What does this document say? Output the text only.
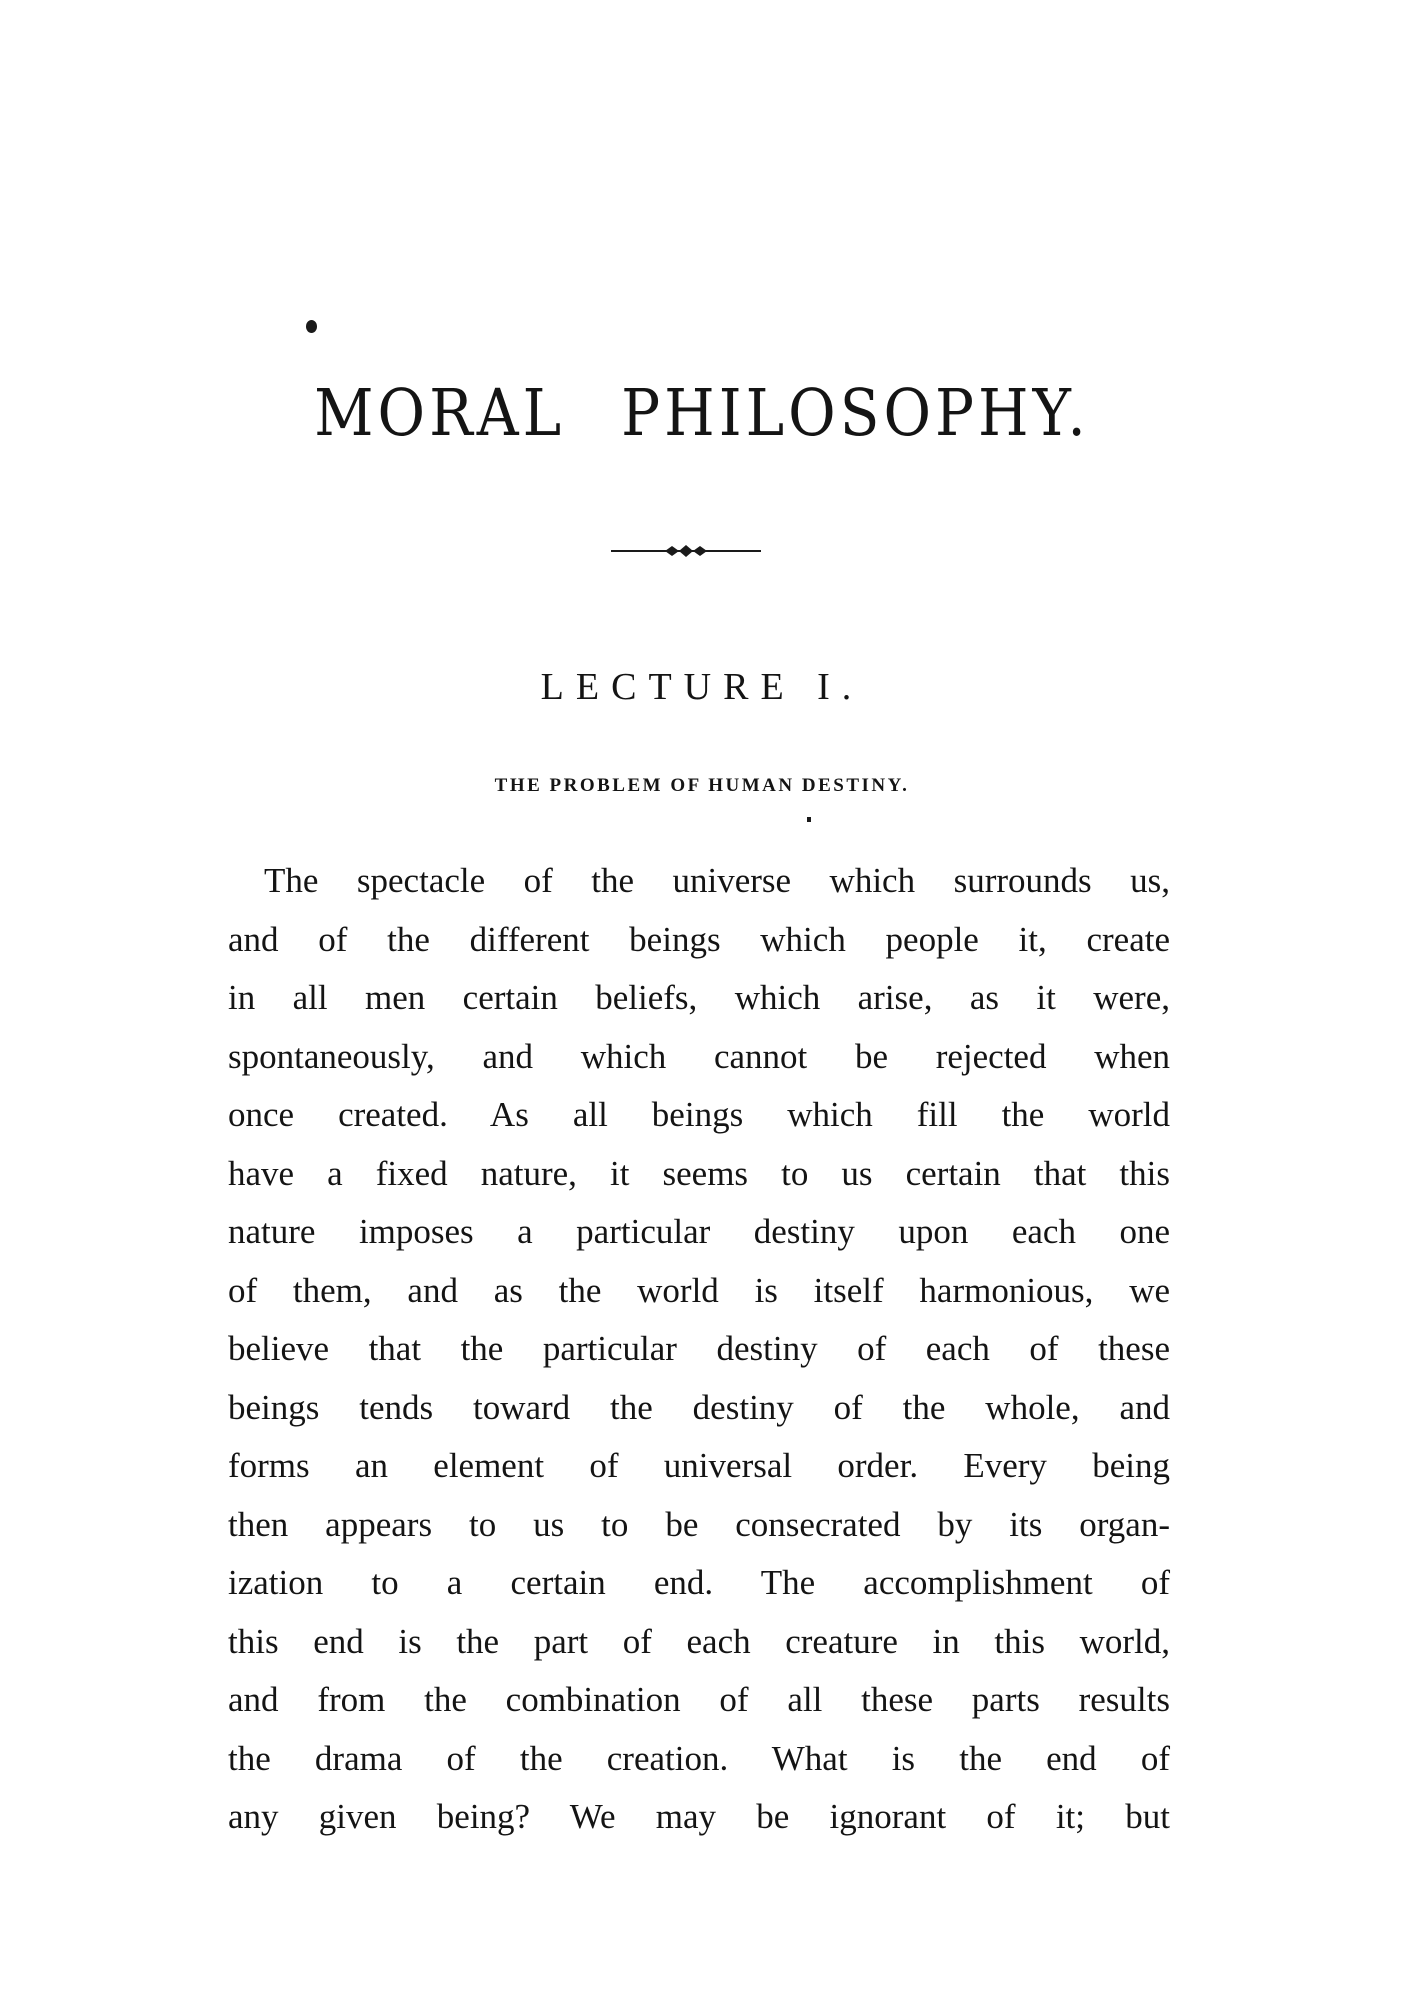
MORAL PHILOSOPHY.
LECTURE I.
THE PROBLEM OF HUMAN DESTINY.
The spectacle of the universe which surrounds us,
and of the different beings which people it, create
in all men certain beliefs, which arise, as it were,
spontaneously, and which cannot be rejected when
once created. As all beings which fill the world
have a fixed nature, it seems to us certain that this
nature imposes a particular destiny upon each one
of them, and as the world is itself harmonious, we
believe that the particular destiny of each of these
beings tends toward the destiny of the whole, and
forms an element of universal order. Every being
then appears to us to be consecrated by its organ-
ization to a certain end. The accomplishment of
this end is the part of each creature in this world,
and from the combination of all these parts results
the drama of the creation. What is the end of
any given being? We may be ignorant of it; but
